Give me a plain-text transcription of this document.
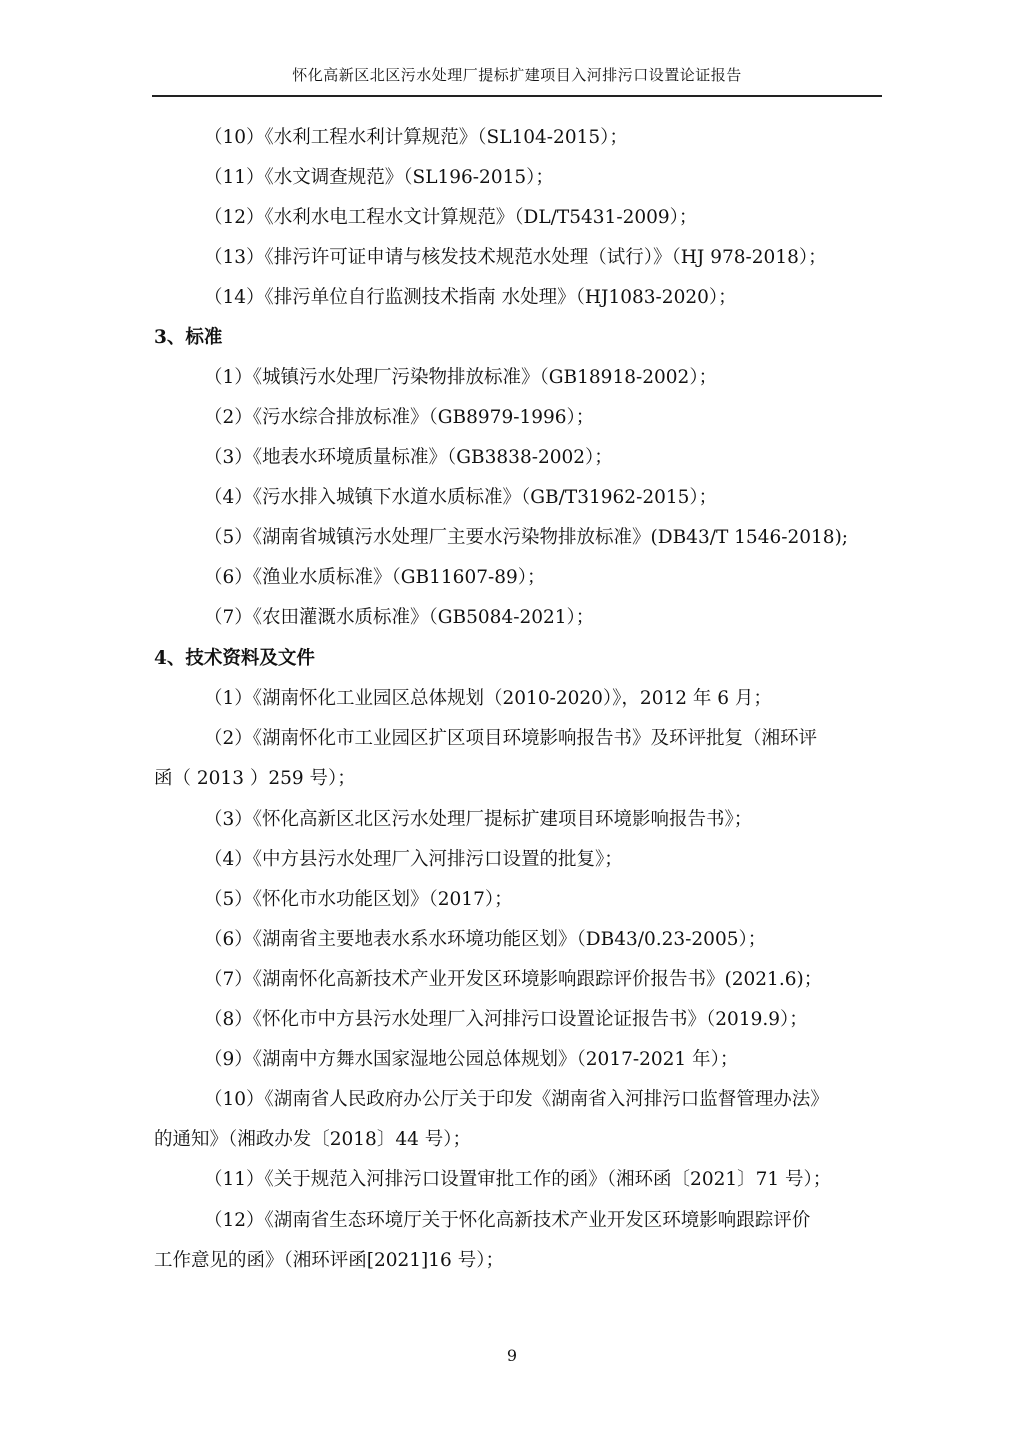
怀化高新区北区污水处理厂提标扩建项目入河排污口设置论证报告
（10）《水利工程水利计算规范》（SL104-2015）；
（11）《水文调查规范》（SL196-2015）；
（12）《水利水电工程水文计算规范》（DL/T5431-2009）；
（13）《排污许可证申请与核发技术规范水处理（试行）》（HJ 978-2018）；
（14）《排污单位自行监测技术指南 水处理》（HJ1083-2020）；
3、标准
（1）《城镇污水处理厂污染物排放标准》（GB18918-2002）；
（2）《污水综合排放标准》（GB8979-1996）；
（3）《地表水环境质量标准》（GB3838-2002）；
（4）《污水排入城镇下水道水质标准》（GB/T31962-2015）；
（5）《湖南省城镇污水处理厂主要水污染物排放标准》(DB43/T 1546-2018);
（6）《渔业水质标准》（GB11607-89）；
（7）《农田灌溉水质标准》（GB5084-2021）；
4、技术资料及文件
（1）《湖南怀化工业园区总体规划（2010-2020）》，2012 年 6 月；
（2）《湖南怀化市工业园区扩区项目环境影响报告书》及环评批复（湘环评
函（ 2013 ）259 号）；
（3）《怀化高新区北区污水处理厂提标扩建项目环境影响报告书》；
（4）《中方县污水处理厂入河排污口设置的批复》；
（5）《怀化市水功能区划》（2017）；
（6）《湖南省主要地表水系水环境功能区划》（DB43/0.23-2005）；
（7）《湖南怀化高新技术产业开发区环境影响跟踪评价报告书》(2021.6)；
（8）《怀化市中方县污水处理厂入河排污口设置论证报告书》（2019.9）；
（9）《湖南中方舞水国家湿地公园总体规划》（2017-2021 年）；
（10）《湖南省人民政府办公厅关于印发《湖南省入河排污口监督管理办法》
的通知》（湘政办发〔2018〕44 号）；
（11）《关于规范入河排污口设置审批工作的函》（湘环函〔2021〕71 号）；
（12）《湖南省生态环境厅关于怀化高新技术产业开发区环境影响跟踪评价
工作意见的函》（湘环评函[2021]16 号）；
9
